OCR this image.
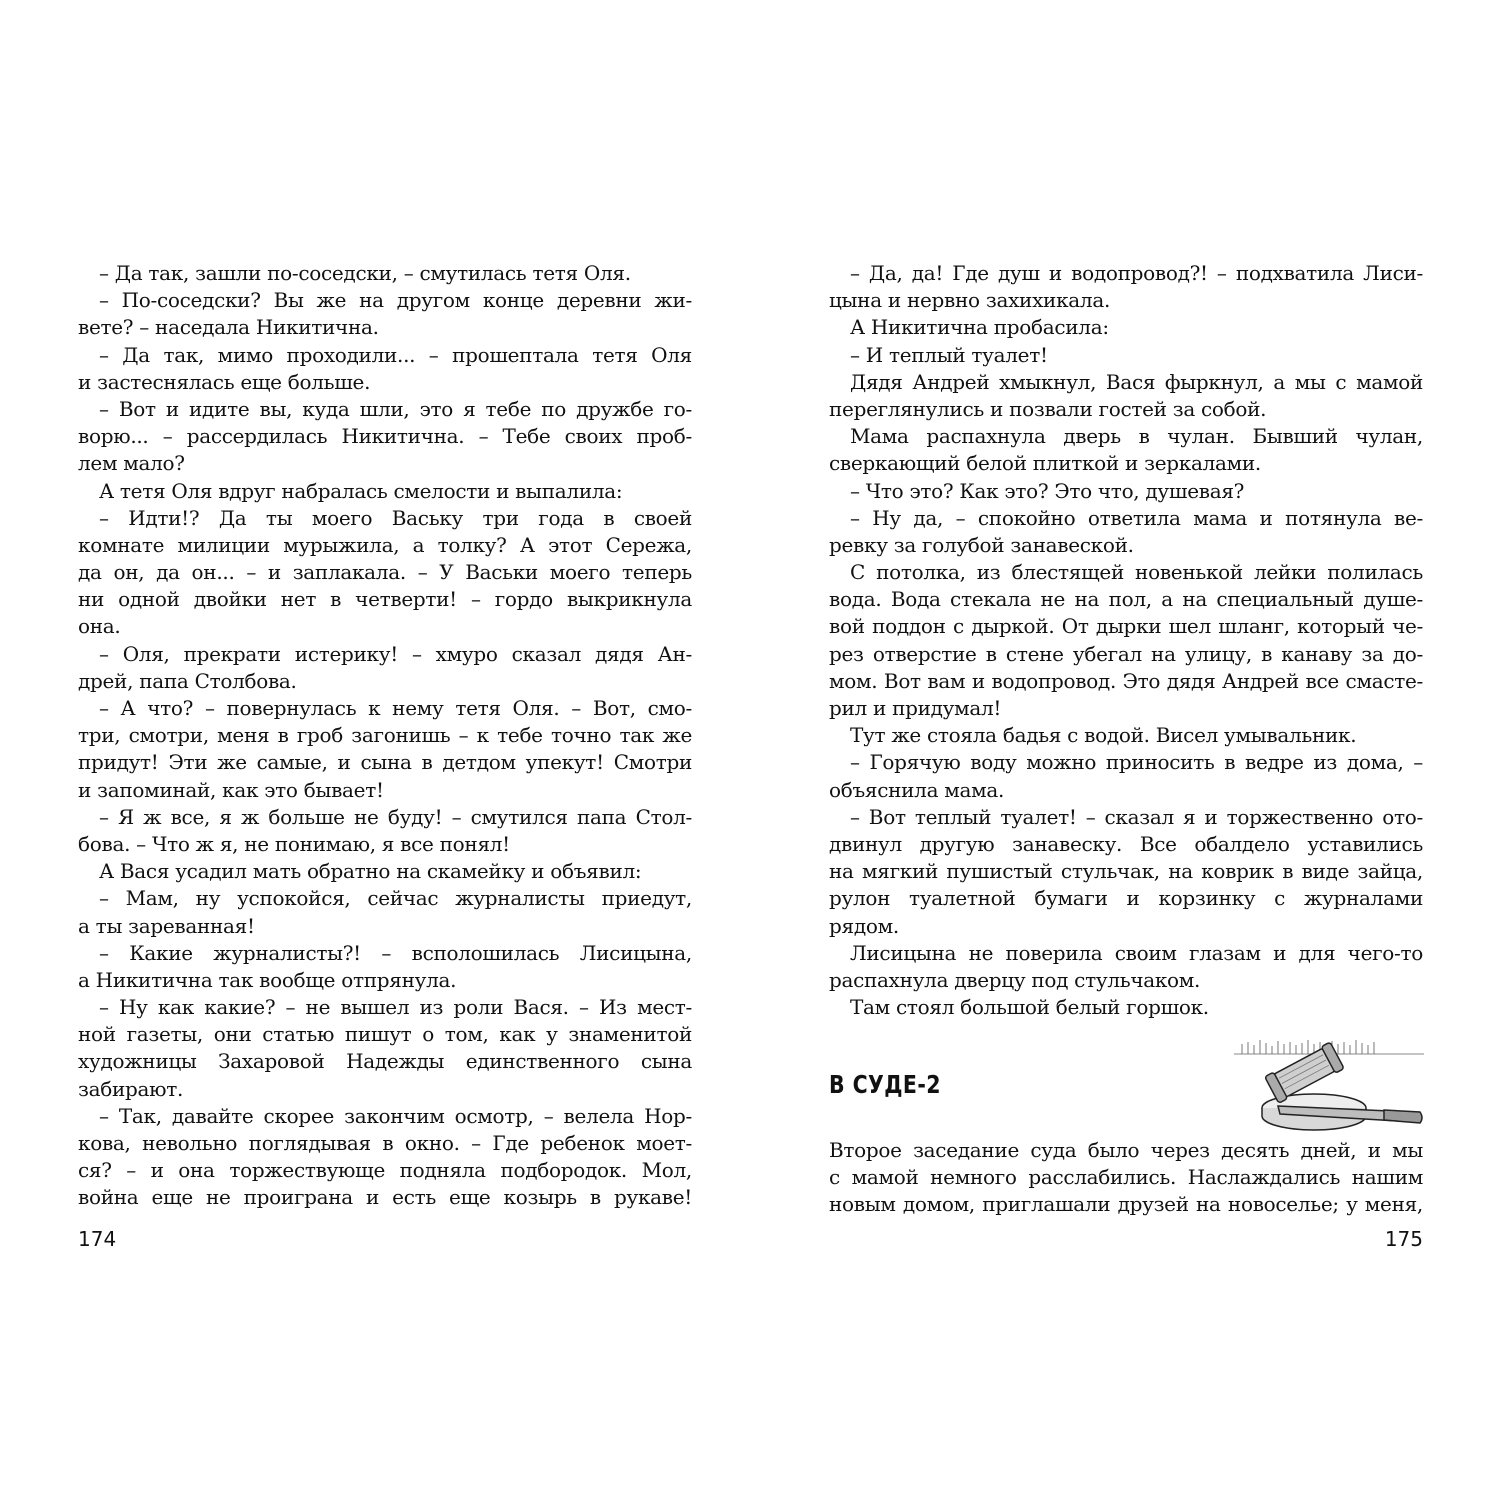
– Да так, зашли по-соседски, – смутилась тетя Оля.
– По-соседски? Вы же на другом конце деревни жи-
вете? – наседала Никитична.
– Да так, мимо проходили... – прошептала тетя Оля
и застеснялась еще больше.
– Вот и идите вы, куда шли, это я тебе по дружбе го-
ворю... – рассердилась Никитична. – Тебе своих проб-
лем мало?
А тетя Оля вдруг набралась смелости и выпалила:
– Идти!? Да ты моего Ваську три года в своей
комнате милиции мурыжила, а толку? А этот Сережа,
да он, да он... – и заплакала. – У Васьки моего теперь
ни одной двойки нет в четверти! – гордо выкрикнула
она.
– Оля, прекрати истерику! – хмуро сказал дядя Ан-
дрей, папа Столбова.
– А что? – повернулась к нему тетя Оля. – Вот, смо-
три, смотри, меня в гроб загонишь – к тебе точно так же
придут! Эти же самые, и сына в детдом упекут! Смотри
и запоминай, как это бывает!
– Я ж все, я ж больше не буду! – смутился папа Стол-
бова. – Что ж я, не понимаю, я все понял!
А Вася усадил мать обратно на скамейку и объявил:
– Мам, ну успокойся, сейчас журналисты приедут,
а ты зареванная!
– Какие журналисты?! – всполошилась Лисицына,
а Никитична так вообще отпрянула.
– Ну как какие? – не вышел из роли Вася. – Из мест-
ной газеты, они статью пишут о том, как у знаменитой
художницы Захаровой Надежды единственного сына
забирают.
– Так, давайте скорее закончим осмотр, – велела Нор-
кова, невольно поглядывая в окно. – Где ребенок моет-
ся? – и она торжествующе подняла подбородок. Мол,
война еще не проиграна и есть еще козырь в рукаве!
174
– Да, да! Где душ и водопровод?! – подхватила Лиси-
цына и нервно захихикала.
А Никитична пробасила:
– И теплый туалет!
Дядя Андрей хмыкнул, Вася фыркнул, а мы с мамой
переглянулись и позвали гостей за собой.
Мама распахнула дверь в чулан. Бывший чулан,
сверкающий белой плиткой и зеркалами.
– Что это? Как это? Это что, душевая?
– Ну да, – спокойно ответила мама и потянула ве-
ревку за голубой занавеской.
С потолка, из блестящей новенькой лейки полилась
вода. Вода стекала не на пол, а на специальный душе-
вой поддон с дыркой. От дырки шел шланг, который че-
рез отверстие в стене убегал на улицу, в канаву за до-
мом. Вот вам и водопровод. Это дядя Андрей все смасте-
рил и придумал!
Тут же стояла бадья с водой. Висел умывальник.
– Горячую воду можно приносить в ведре из дома, –
объяснила мама.
– Вот теплый туалет! – сказал я и торжественно ото-
двинул другую занавеску. Все обалдело уставились
на мягкий пушистый стульчак, на коврик в виде зайца,
рулон туалетной бумаги и корзинку с журналами
рядом.
Лисицына не поверила своим глазам и для чего-то
распахнула дверцу под стульчаком.
Там стоял большой белый горшок.
В СУДЕ-2
Второе заседание суда было через десять дней, и мы
с мамой немного расслабились. Наслаждались нашим
новым домом, приглашали друзей на новоселье; у меня,
175
